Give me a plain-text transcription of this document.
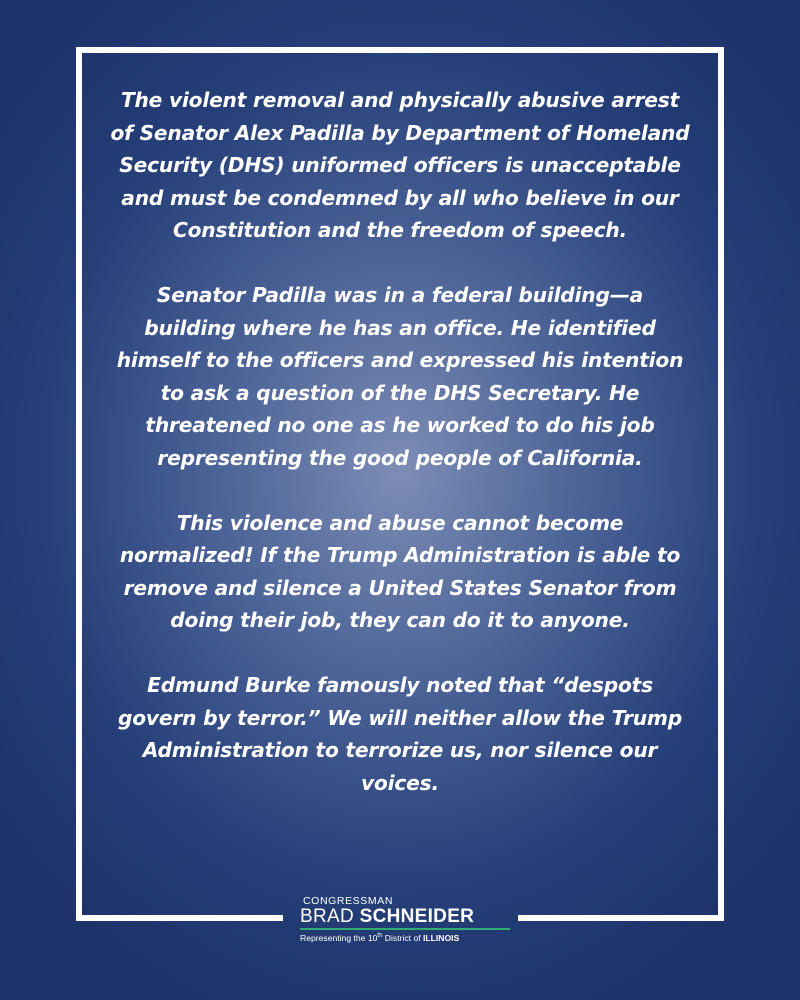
The violent removal and physically abusive arrest of Senator Alex Padilla by Department of Homeland Security (DHS) uniformed officers is unacceptable and must be condemned by all who believe in our Constitution and the freedom of speech.

Senator Padilla was in a federal building—a building where he has an office. He identified himself to the officers and expressed his intention to ask a question of the DHS Secretary. He threatened no one as he worked to do his job representing the good people of California.

This violence and abuse cannot become normalized! If the Trump Administration is able to remove and silence a United States Senator from doing their job, they can do it to anyone.

Edmund Burke famously noted that “despots govern by terror.” We will neither allow the Trump Administration to terrorize us, nor silence our voices.

CONGRESSMAN
BRAD SCHNEIDER
Representing the 10th District of ILLINOIS
